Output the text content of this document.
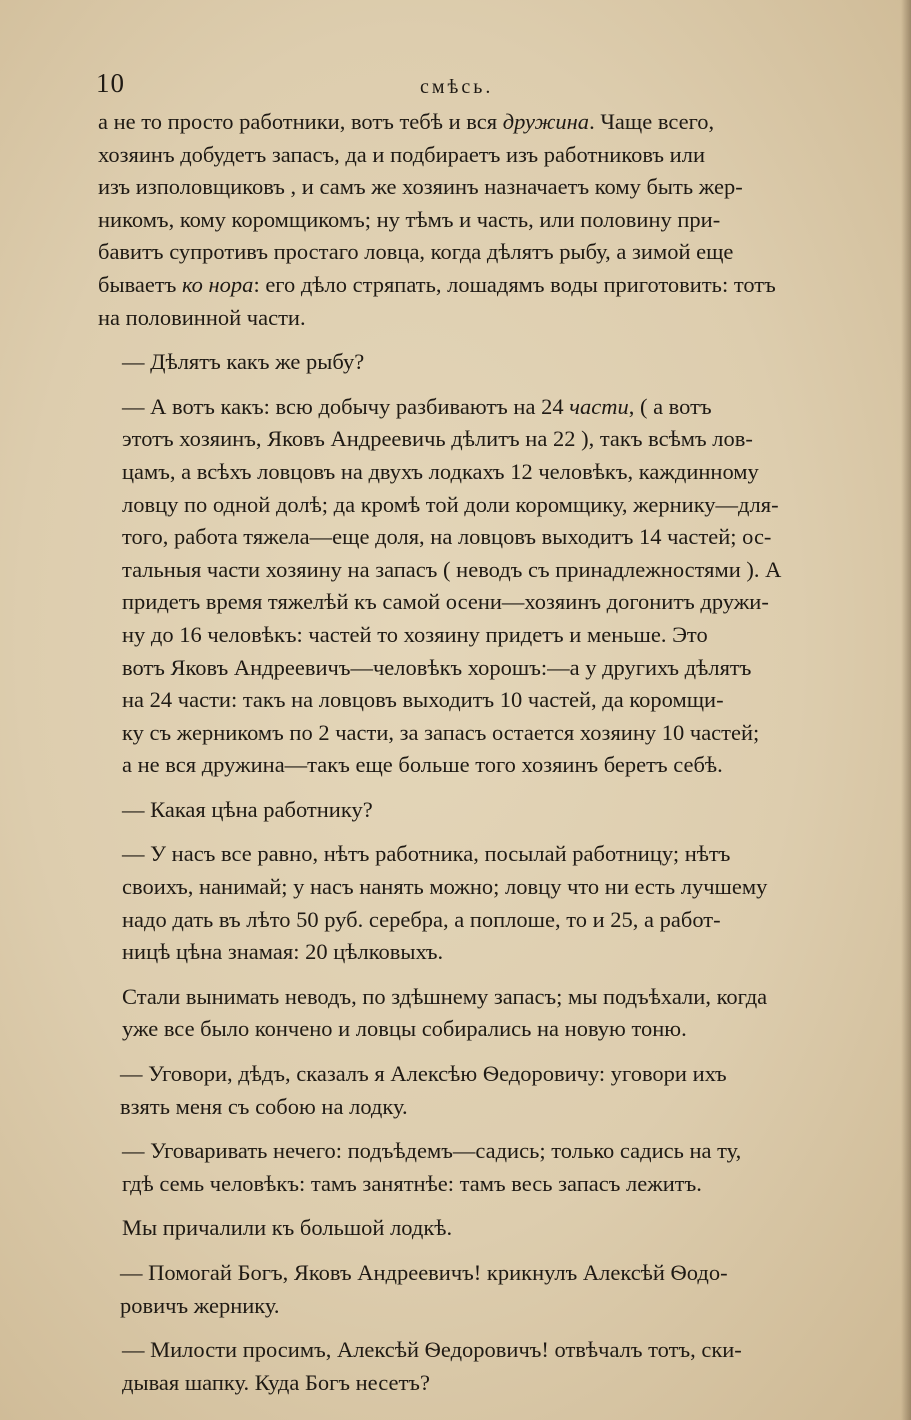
10	смѣсь.

а не то просто работники, вотъ тебѣ и вся дружина. Чаще всего,
хозяинъ добудетъ запасъ, да и подбираетъ изъ работниковъ или
изъ изполовщиковъ , и самъ же хозяинъ назначаетъ кому быть жер-
никомъ, кому коромщикомъ; ну тѣмъ и часть, или половину при-
бавитъ супротивъ простаго ловца, когда дѣлятъ рыбу, а зимой еще
бываетъ ко нора: его дѣло стряпать, лошадямъ воды приготовить: тотъ
на половинной части.

— Дѣлятъ какъ же рыбу?

— А вотъ какъ: всю добычу разбиваютъ на 24 части, ( а вотъ
этотъ хозяинъ, Яковъ Андреевичь дѣлитъ на 22 ), такъ всѣмъ лов-
цамъ, а всѣхъ ловцовъ на двухъ лодкахъ 12 человѣкъ, каждинному
ловцу по одной долѣ; да кромѣ той доли коромщику, жернику—для-
того, работа тяжела—еще доля, на ловцовъ выходитъ 14 частей; ос-
тальныя части хозяину на запасъ ( неводъ съ принадлежностями ). А
придетъ время тяжелѣй къ самой осени—хозяинъ догонитъ дружи-
ну до 16 человѣкъ: частей то хозяину придетъ и меньше. Это
вотъ Яковъ Андреевичъ—человѣкъ хорошъ:—а у другихъ дѣлятъ
на 24 части: такъ на ловцовъ выходитъ 10 частей, да коромщи-
ку съ жерникомъ по 2 части, за запасъ остается хозяину 10 частей;
а не вся дружина—такъ еще больше того хозяинъ беретъ себѣ.

— Какая цѣна работнику?

— У насъ все равно, нѣтъ работника, посылай работницу; нѣтъ
своихъ, нанимай; у насъ нанять можно; ловцу что ни есть лучшему
надо дать въ лѣто 50 руб. серебра, а поплоше, то и 25, а работ-
ницѣ цѣна знамая: 20 цѣлковыхъ.

Стали вынимать неводъ, по здѣшнему запасъ; мы подъѣхали, когда
уже все было кончено и ловцы собирались на новую тоню.

— Уговори, дѣдъ, сказалъ я Алексѣю Ѳедоровичу: уговори ихъ
взять меня съ собою на лодку.

— Уговаривать нечего: подъѣдемъ—садись; только садись на ту,
гдѣ семь человѣкъ: тамъ занятнѣе: тамъ весь запасъ лежитъ.

Мы причалили къ большой лодкѣ.

— Помогай Богъ, Яковъ Андреевичъ! крикнулъ Алексѣй Ѳодо-
ровичъ жернику.

— Милости просимъ, Алексѣй Ѳедоровичъ! отвѣчалъ тотъ, ски-
дывая шапку. Куда Богъ несетъ?
